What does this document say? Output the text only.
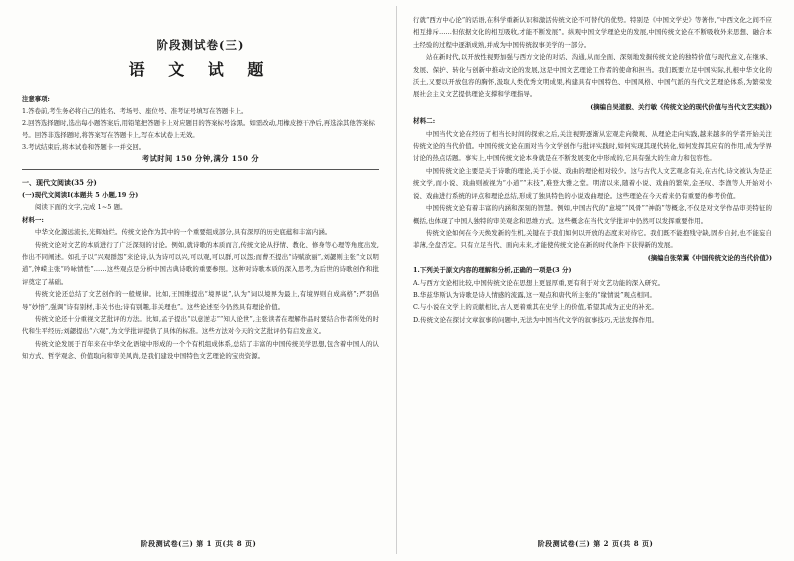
阶段测试卷(三)

语 文 试 题

注意事项:

1.答卷前,考生务必将自己的姓名、考场号、座位号、准考证号填写在答题卡上。

2.回答选择题时,选出每小题答案后,用铅笔把答题卡上对应题目的答案标号涂黑。如需改动,用橡皮擦干净后,再选涂其他答案标号。回答非选择题时,将答案写在答题卡上,写在本试卷上无效。

3.考试结束后,将本试卷和答题卡一并交回。

考试时间 150 分钟,满分 150 分

一、现代文阅读(35 分)

(一)现代文阅读Ⅰ(本题共 5 小题,19 分)

阅读下面的文字,完成 1~5 题。

材料一:

中华文化源远流长,光辉灿烂。传统文论作为其中的一个重要组成部分,具有深厚的历史底蕴和丰富内涵。

传统文论对文艺的本质进行了广泛深刻的讨论。例如,就诗歌的本质而言,传统文论从抒情、教化、修身等心理等角度出发,作出不同阐述。如孔子以“兴观群怨”来论诗,认为诗可以兴,可以观,可以群,可以怨;而曹丕提出“诗赋欲丽”,刘勰则主张“文以明道”,钟嵘主张“吟咏情性”……这些观点是分析中国古典诗歌的重要参照。这种对诗歌本质的深入思考,为后世的诗歌创作和批评奠定了基础。

传统文论还总结了文艺创作的一般规律。比如,王国维提出“境界说”,认为“词以境界为最上,有境界则自成高格”;严羽倡导“妙悟”,强调“诗有别材,非关书也;诗有别趣,非关理也”。这些论述至今仍然具有理论价值。

传统文论还十分重视文艺批评的方法。比如,孟子提出“以意逆志”“知人论世”,主张读者在理解作品时要结合作者所处的时代和生平经历;刘勰提出“六观”,为文学批评提供了具体的标准。这些方法对今天的文艺批评仍有启发意义。

传统文论发展于百年来在中华文化语境中形成的一个个有机组成体系,总结了丰富的中国传统美学思想,包含着中国人的认知方式、哲学观念、价值取向和审美风尚,是我们建设中国特色文艺理论的宝贵资源。

阶段测试卷(三) 第 1 页(共 8 页)

行就“西方中心论”的话语,在科学重新认识和激活传统文论不可替代的优势。特别是《中国文学史》等著作,“中西文化之间不应相互排斥……但依据文化的相互吸收,才能不断发展”。纵观中国文学理论史的发展,中国传统文论在不断吸收外来思想、融合本土经验的过程中逐渐成熟,并成为中国传统叙事美学的一部分。

站在新时代,以开放性视野加强与西方文论的对话、沟通,从而全面、深刻地发掘传统文论的独特价值与现代意义,在继承、发展、保护、转化与创新中推动文论的发展,这是中国文艺理论工作者的使命和担当。我们既要立足中国实际,扎根中华文化的沃土,又要以开放包容的胸怀,汲取人类优秀文明成果,构建具有中国特色、中国风格、中国气派的当代文艺理论体系,为繁荣发展社会主义文艺提供理论支撑和学理指导。

(摘编自吴道毅、关行敏《传统文论的现代价值与当代文艺实践》)

材料二:

中国当代文论在经历了相当长时间的探索之后,关注视野逐渐从宏观走向微观、从理论走向实践,越来越多的学者开始关注传统文论的当代价值。中国传统文论在面对当今文学创作与批评实践时,如何实现其现代转化,如何发挥其应有的作用,成为学界讨论的热点话题。事实上,中国传统文论本身就是在不断发展变化中形成的,它具有强大的生命力和包容性。

中国传统文论主要是关于诗歌的理论,关于小说、戏曲的理论相对较少。这与古代人文艺观念有关,在古代,诗文被认为是正统文学,而小说、戏曲则被视为“小道”“末技”,难登大雅之堂。明清以来,随着小说、戏曲的繁荣,金圣叹、李渔等人开始对小说、戏曲进行系统的评点和理论总结,形成了独具特色的小说戏曲理论。这些理论在今天看来仍有重要的参考价值。

中国传统文论有着丰富的内涵和深刻的智慧。例如,中国古代的“意境”“风骨”“神韵”等概念,不仅是对文学作品审美特征的概括,也体现了中国人独特的审美观念和思维方式。这些概念在当代文学批评中仍然可以发挥重要作用。

传统文论如何在今天焕发新的生机,关键在于我们如何以开放的态度来对待它。我们既不能抱残守缺,固步自封,也不能妄自菲薄,全盘否定。只有立足当代、面向未来,才能使传统文论在新的时代条件下获得新的发展。

(摘编自张荣翼《中国传统文论的当代价值》)

1.下列关于原文内容的理解和分析,正确的一项是(3 分)

A.与西方文论相比较,中国传统文论在思想上更显厚重,更有利于对文艺功能的深入研究。

B.华兹华斯认为诗歌是诗人情感的流露,这一观点和唐代所主张的“缘情说”观点相同。

C.与小说在文学上的贡献相比,古人更着重其在史学上的价值,希望其成为正史的补充。

D.传统文论在探讨文章叙事的问题中,无法为中国当代文学的叙事技巧,无法发挥作用。

阶段测试卷(三) 第 2 页(共 8 页)
